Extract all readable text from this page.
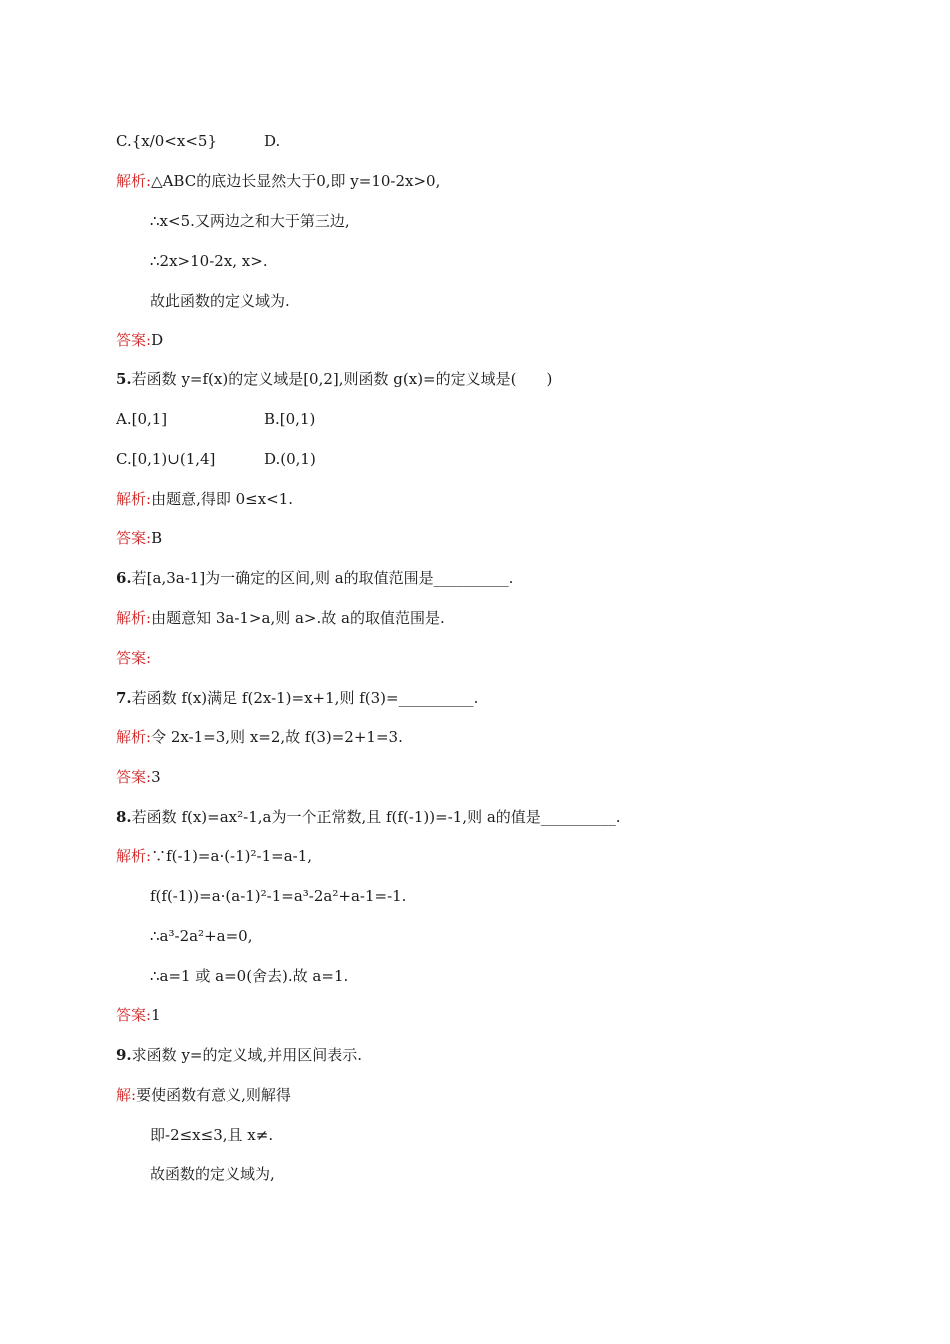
C.{x/0<x<5}	D.
解析:△ABC的底边长显然大于0,即 y=10-2x>0,
∴x<5.又两边之和大于第三边,
∴2x>10-2x, x>.
故此函数的定义域为.
答案:D
5.若函数 y=f(x)的定义域是[0,2],则函数 g(x)=的定义域是(　　)
A.[0,1]	B.[0,1)
C.[0,1)∪(1,4]	D.(0,1)
解析:由题意,得即 0≤x<1.
答案:B
6.若[a,3a-1]为一确定的区间,则 a的取值范围是__________.
解析:由题意知 3a-1>a,则 a>.故 a的取值范围是.
答案:
7.若函数 f(x)满足 f(2x-1)=x+1,则 f(3)=__________.
解析:令 2x-1=3,则 x=2,故 f(3)=2+1=3.
答案:3
8.若函数 f(x)=ax²-1,a为一个正常数,且 f(f(-1))=-1,则 a的值是__________.
解析:∵f(-1)=a·(-1)²-1=a-1,
f(f(-1))=a·(a-1)²-1=a³-2a²+a-1=-1.
∴a³-2a²+a=0,
∴a=1 或 a=0(舍去).故 a=1.
答案:1
9.求函数 y=的定义域,并用区间表示.
解:要使函数有意义,则解得
即-2≤x≤3,且 x≠.
故函数的定义域为,
